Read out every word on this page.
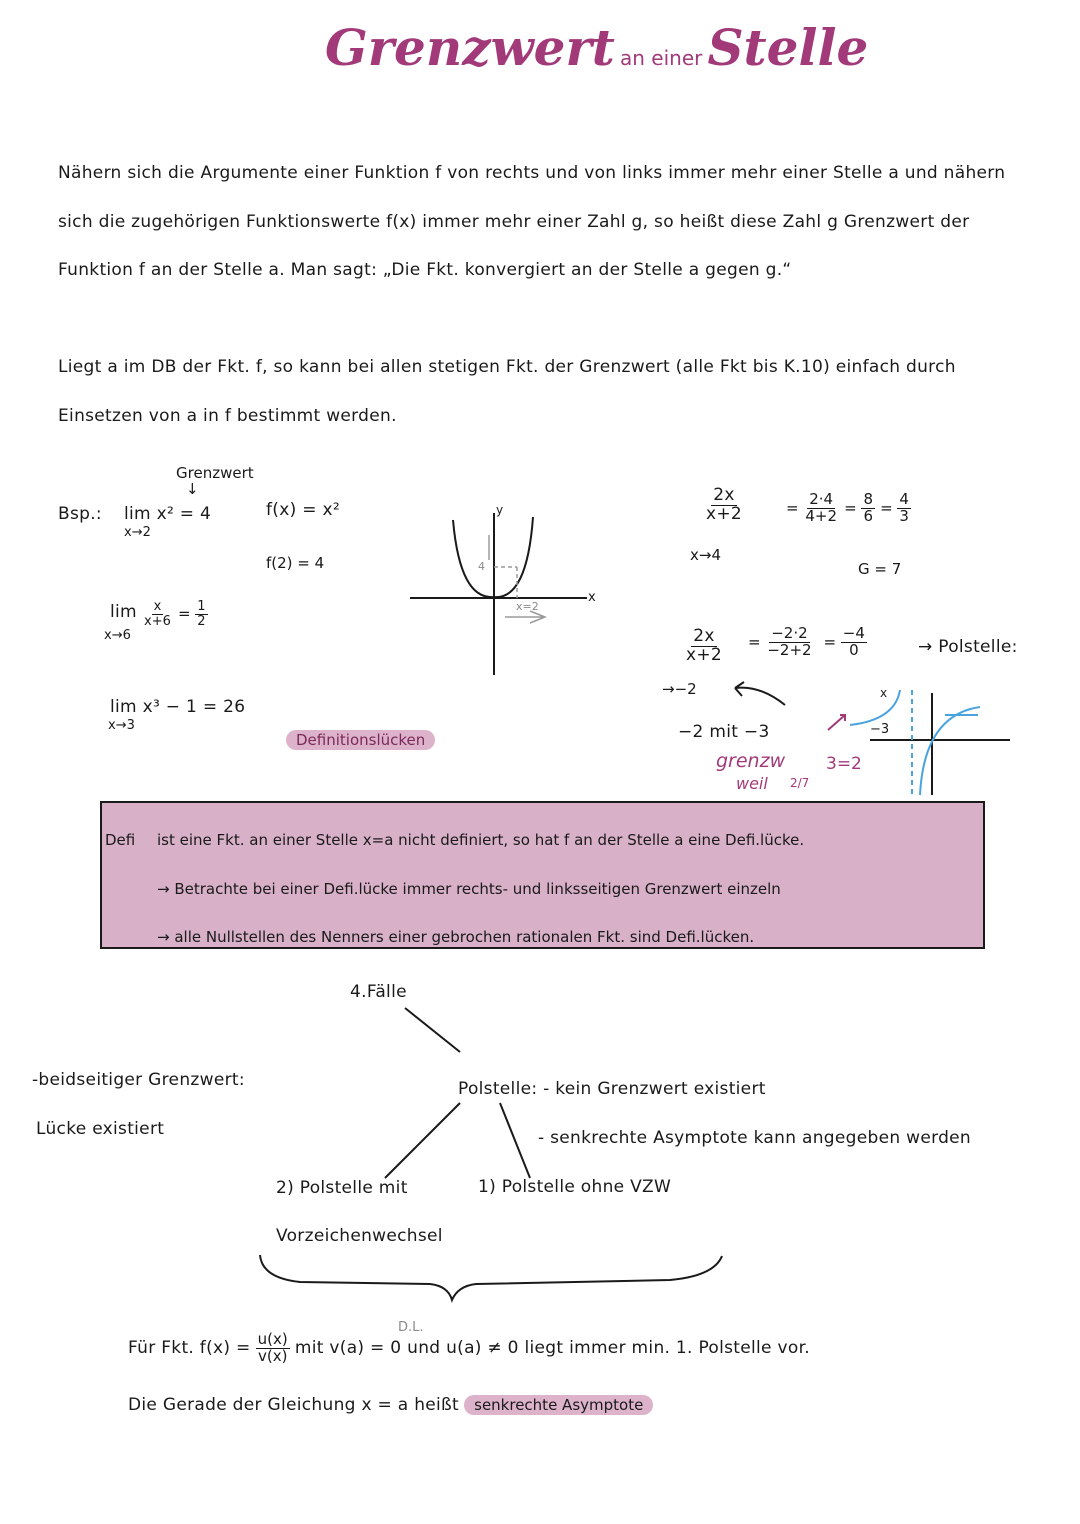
Grenzwert an einer Stelle
Nähern sich die Argumente einer Funktion f von rechts und von links immer mehr einer Stelle a und nähern
sich die zugehörigen Funktionswerte f(x) immer mehr einer Zahl g, so heißt diese Zahl g Grenzwert der
Funktion f an der Stelle a. Man sagt: „Die Fkt. konvergiert an der Stelle a gegen g.“
Liegt a im DB der Fkt. f, so kann bei allen stetigen Fkt. der Grenzwert (alle Fkt bis K.10) einfach durch
Einsetzen von a in f bestimmt werden.
Grenzwert
↓
Bsp.: lim x² = 4
x→2
f(x) = x²
f(2) = 4
lim
x→6
$\frac{x}{x+6} = \frac{1}{2}$
lim x³ − 1 = 26
x→3
y
x
4
x=2
$\frac{2x}{x+2}$
x→4
= $\frac{2\cdot 4}{4+2} = \frac{8}{6} = \frac{4}{3}$
G = 7
$\frac{2x}{x+2}$
→−2
= $\frac{-2\cdot 2}{-2+2} = \frac{-4}{0}$	→ Polstelle:
−2 mit −3
grenzw
weil 2/7
3=2
−3
x
Definitionslücken
Defi ist eine Fkt. an einer Stelle x=a nicht definiert, so hat f an der Stelle a eine Defi.lücke.
→ Betrachte bei einer Defi.lücke immer rechts- und linksseitigen Grenzwert einzeln
→ alle Nullstellen des Nenners einer gebrochen rationalen Fkt. sind Defi.lücken.
4.Fälle
-beidseitiger Grenzwert:
Lücke existiert
Polstelle: - kein Grenzwert existiert
- senkrechte Asymptote kann angegeben werden
2) Polstelle mit
Vorzeichenwechsel
1) Polstelle ohne VZW
Für Fkt. $f(x) = \frac{u(x)}{v(x)}$ mit v(a) = 0 und u(a) ≠ 0 liegt immer min. 1. Polstelle vor.
D.L.
Die Gerade der Gleichung x = a heißt senkrechte Asymptote
